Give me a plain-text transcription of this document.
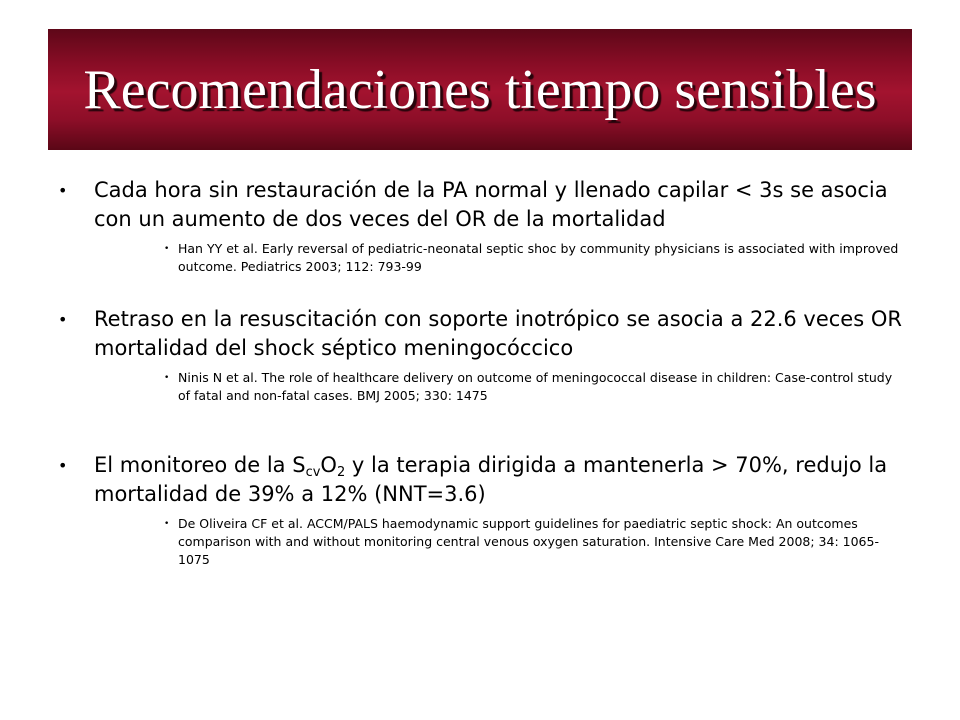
Recomendaciones tiempo sensibles
• Cada hora sin restauración de la PA normal y llenado capilar < 3s se asocia con un aumento de dos veces del OR de la mortalidad
• Han YY et al. Early reversal of pediatric-neonatal septic shoc by community physicians is associated with improved outcome. Pediatrics 2003; 112: 793-99
• Retraso en la resuscitación con soporte inotrópico se asocia a 22.6 veces OR mortalidad del shock séptico meningocóccico
• Ninis N et al. The role of healthcare delivery on outcome of meningococcal disease in children: Case-control study of fatal and non-fatal cases. BMJ 2005; 330: 1475
• El monitoreo de la $S_{cv}O_2$ y la terapia dirigida a mantenerla > 70%, redujo la mortalidad de 39% a 12% (NNT=3.6)
• De Oliveira CF et al. ACCM/PALS haemodynamic support guidelines for paediatric septic shock: An outcomes comparison with and without monitoring central venous oxygen saturation. Intensive Care Med 2008; 34: 1065-1075
